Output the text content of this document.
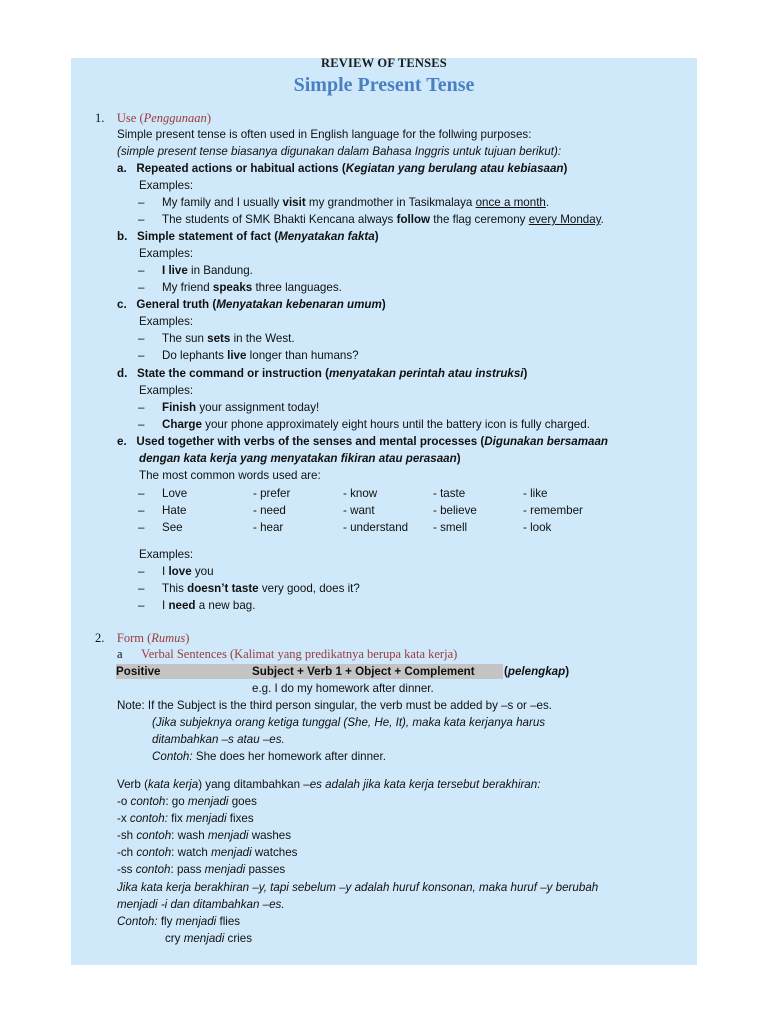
REVIEW OF TENSES
Simple Present Tense
1. Use (Penggunaan)
Simple present tense is often used in English language for the follwing purposes:
(simple present tense biasanya digunakan dalam Bahasa Inggris untuk tujuan berikut):
a. Repeated actions or habitual actions (Kegiatan yang berulang atau kebiasaan)
Examples:
– My family and I usually visit my grandmother in Tasikmalaya once a month.
– The students of SMK Bhakti Kencana always follow the flag ceremony every Monday.
b. Simple statement of fact (Menyatakan fakta)
Examples:
– I live in Bandung.
– My friend speaks three languages.
c. General truth (Menyatakan kebenaran umum)
Examples:
– The sun sets in the West.
– Do lephants live longer than humans?
d. State the command or instruction (menyatakan perintah atau instruksi)
Examples:
– Finish your assignment today!
– Charge your phone approximately eight hours until the battery icon is fully charged.
e. Used together with verbs of the senses and mental processes (Digunakan bersamaan
dengan kata kerja yang menyatakan fikiran atau perasaan)
The most common words used are:
– Love	- prefer	- know	- taste	- like
– Hate	- need	- want	- believe	- remember
– See	- hear	- understand - smell	- look
Examples:
– I love you
– This doesn’t taste very good, does it?
– I need a new bag.
2. Form (Rumus)
a Verbal Sentences (Kalimat yang predikatnya berupa kata kerja)
Positive	Subject + Verb 1 + Object + Complement	(pelengkap)
e.g. I do my homework after dinner.
Note: If the Subject is the third person singular, the verb must be added by –s or –es.
(Jika subjeknya orang ketiga tunggal (She, He, It), maka kata kerjanya harus
ditambahkan –s atau –es.
Contoh: She does her homework after dinner.
Verb (kata kerja) yang ditambahkan –es adalah jika kata kerja tersebut berakhiran:
-o contoh: go menjadi goes
-x contoh: fix menjadi fixes
-sh contoh: wash menjadi washes
-ch contoh: watch menjadi watches
-ss contoh: pass menjadi passes
Jika kata kerja berakhiran –y, tapi sebelum –y adalah huruf konsonan, maka huruf –y berubah
menjadi -i dan ditambahkan –es.
Contoh: fly menjadi flies
cry menjadi cries
